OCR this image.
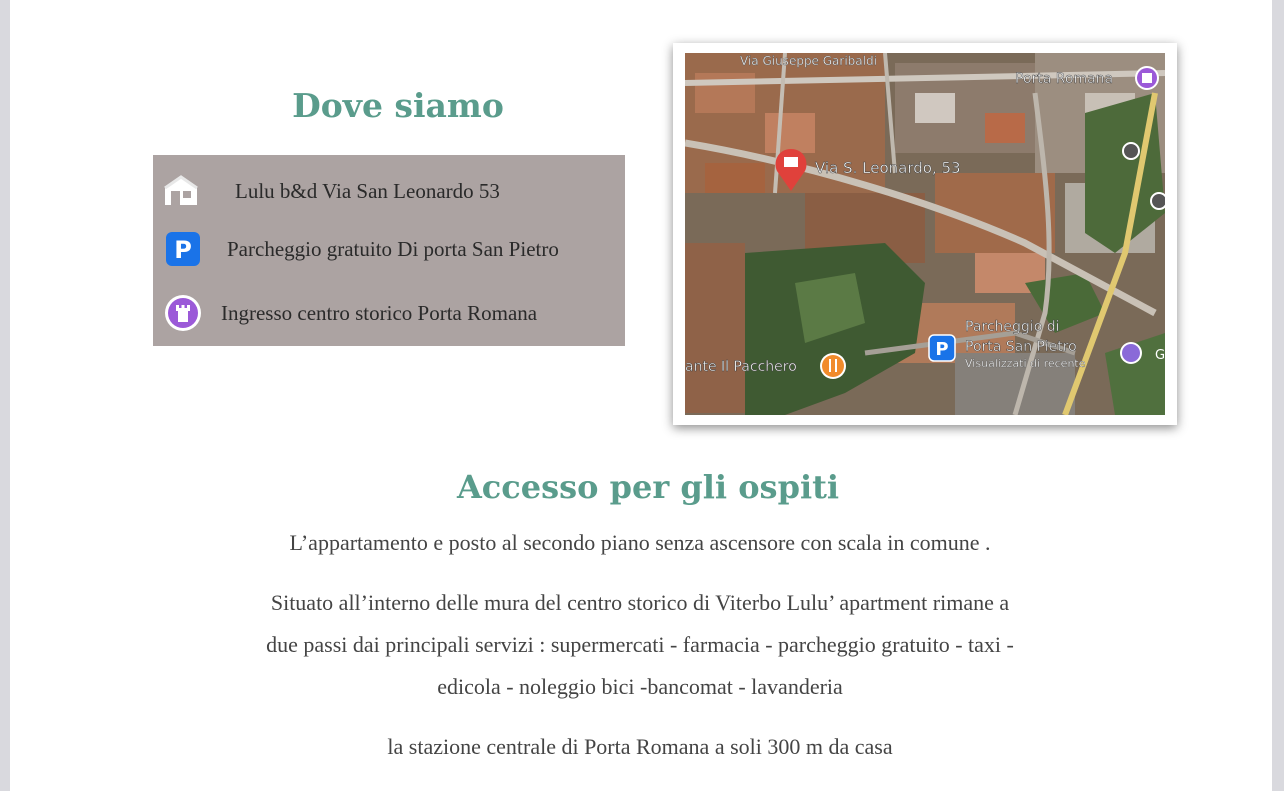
Dove siamo
Lulu b&d Via San Leonardo 53
P Parcheggio gratuito Di porta San Pietro
Ingresso centro storico Porta Romana
Via Giuseppe Garibaldi
Porta Romana
Via S. Leonardo, 53
Parcheggio di
Porta San Pietro
Visualizzati di recente
P	G
ante Il Pacchero
Accesso per gli ospiti

L’appartamento e posto al secondo piano senza ascensore con scala in comune .

Situato all’interno delle mura del centro storico di Viterbo Lulu’ apartment rimane a
due passi dai principali servizi : supermercati - farmacia - parcheggio gratuito - taxi -
edicola - noleggio bici -bancomat - lavanderia

la stazione centrale di Porta Romana a soli 300 m da casa
